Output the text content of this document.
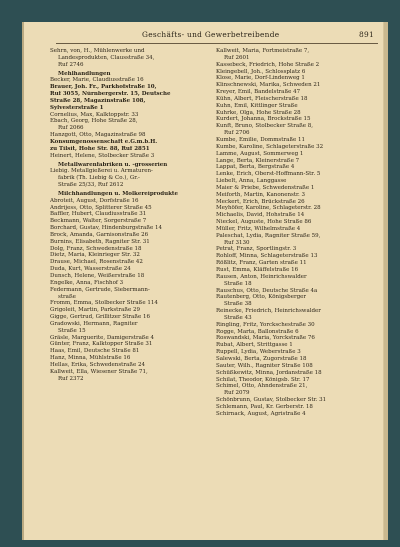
Geschäfts- und Gewerbetreibende	891
Sehrn, von, H., Mühlenwerke und
Landesprodukten, Clausstraße 34,
Ruf 2746
Mehlhandlungen
Becker, Marie, Claudiusstraße 16
Brauer, Joh. Fr., Parkhofstraße 10,
Ruf 3055, Nürnbergerstr. 15, Deutsche
Straße 28, Magazinstraße 108,
Sylvesterstraße 1
Cornelius, Max, Kalktoppstr. 33
Ebach, Georg, Hohe Straße 28,
Ruf 2066
Hanzgott, Otto, Magazinstraße 98
Konsumgenossenschaft e.G.m.b.H.
zu Tilsit, Hohe Str. 88, Ruf 2851
Heinert, Helene, Stolbecker Straße 3
Metallwarenfabriken u. -grosserien
Liebig. Metallgießerei u. Armaturen-
fabrik (Th. Liebig & Co.), Gr.-
Straße 25/33, Ruf 2612
Milchhandlungen u. Molkereiprodukte
Abroteit, August, Dorfstraße 16
Andrijess, Otto, Splitterer Straße 45
Baffler, Hubert, Claudiusstraße 31
Beckmann, Walter, Sorgerstraße 7
Borchard, Gustav, Hindenburgstraße 14
Brock, Amanda, Garnisonstraße 26
Burnins, Elisabeth, Ragniter Str. 31
Dolg, Franz, Schwedenstraße 18
Dietz, Maria, Kleinrieger Str. 32
Drause, Michael, Rosenstraße 42
Duda, Kurt, Wasserstraße 24
Dunsch, Helene, Weißerstraße 18
Engelke, Anna, Fischhof 3
Federmann, Gertrude, Siebermann-
straße
Fromm, Emma, Stolbecker Straße 114
Grigoleit, Martin, Parkstraße 29
Gigge, Gertrud, Grillitzer Straße 16
Gradowski, Hermann, Ragniter
Straße 15
Gräsle, Marguerite, Damigerstraße 4
Günter, Franz, Kalktopper Straße 31
Haas, Emil, Deutsche Straße 81
Hanz, Minna, Mühlstraße 16
Hellas, Erika, Schwedenstraße 24
Kallweit, Ella, Wiesener Straße 71,
Ruf 2372
Kallweit, Maria, Fortmeistraße 7,
Ruf 2601
Kassebeck, Friedrich, Hohe Straße 2
Kleingebell, Joh., Schlossplatz 6
Klose, Marie, Dorf-Lindenweg 1
Klinschnewski, Marika, Schweden 21
Kreyer, Emil, Bandelstraße 47
Kühn, Albert, Fleischerstraße 18
Kuhn, Emil, Kittlinger Straße
Kuhrke, Olga, Hohe Straße 28
Kurdert, Johanna, Brockstraße 15
Kunft, Bruno, Stolbecker Straße 8,
Ruf 2706
Kumbe, Emilie, Dommstraße 11
Kumbe, Karoline, Schlageterstraße 32
Lamme, August, Sommerweg 1
Lange, Berta, Kleinerstraße 7
Lappat, Berta, Bergstraße 4
Lenke, Erich, Oberst-Hoffmann-Str. 5
Liebelt, Anna, Langgasse
Maier & Priebe, Schwedenstraße 1
Meiforth, Martin, Kanonenstr. 3
Meckert, Erich, Brückstraße 26
Meyhöfer, Karoline, Schlageterstr. 28
Michaelis, David, Hohstraße 14
Nieckel, Auguste, Hohe Straße 86
Müller, Fritz, Wilhelmstraße 4
Paleschat, Lydia, Ragniter Straße 59,
Ruf 3130
Petrat, Franz, Sportlingstr. 3
Rohloff, Minna, Schlageterstraße 13
Rößlitz, Franz, Garten straße 11
Rust, Emma, Kläffelstraße 16
Rausen, Anton, Heinrichswalder
Straße 18
Rauschus, Otto, Deutsche Straße 4a
Rautenberg, Otto, Königsberger
Straße 38
Reinecke, Friedrich, Heinrichswalder
Straße 43
Ringling, Fritz, Yorckschestraße 30
Rogge, Marta, Ballonstraße 6
Roswandski, Maria, Yorckstraße 76
Rubat, Albert, Strittgasse 1
Ruppell, Lydia, Weberstraße 3
Salewski, Berta, Zugorstraße 18
Sauter, Wilh., Ragniter Straße 108
Schüßkewitz, Minna, Jordanstraße 18
Schilat, Theodor, Königsb. Str. 17
Schimel, Otto, Ahndenstraße 21,
Ruf 2079
Schönbrunn, Gustav, Stolbecker Str. 31
Schlemann, Paul, Kr. Gerberstr. 18
Schirnack, August, Ägristraße 4
